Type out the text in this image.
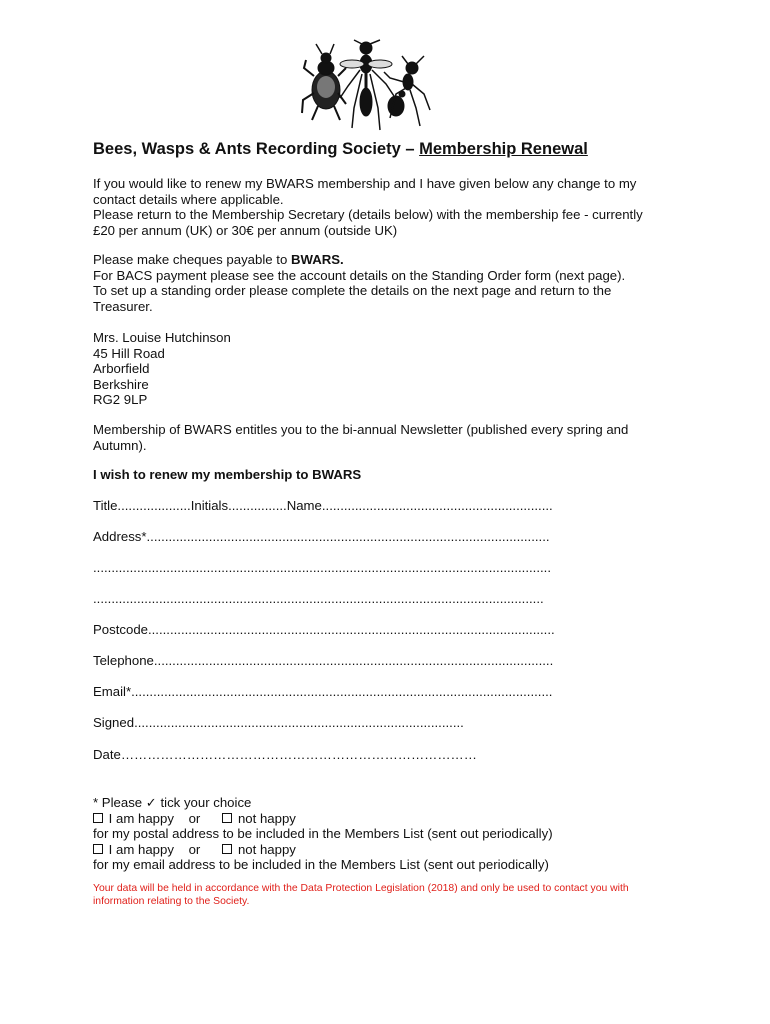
Bees, Wasps & Ants Recording Society – Membership Renewal
If you would like to renew my BWARS membership and I have given below any change to my
contact details where applicable.
Please return to the Membership Secretary (details below) with the membership fee - currently
£20 per annum (UK) or 30€ per annum (outside UK)
Please make cheques payable to BWARS.
For BACS payment please see the account details on the Standing Order form (next page).
To set up a standing order please complete the details on the next page and return to the
Treasurer.
Mrs. Louise Hutchinson
45 Hill Road
Arborfield
Berkshire
RG2 9LP
Membership of BWARS entitles you to the bi-annual Newsletter (published every spring and
Autumn).
I wish to renew my membership to BWARS
Title....................Initials................Name...............................................................
Address*..............................................................................................................
.............................................................................................................................
...........................................................................................................................
Postcode...............................................................................................................
Telephone.............................................................................................................
Email*...................................................................................................................
Signed..........................................................................................
Date………………………………………………………………………
* Please ✓ tick your choice
I am happy or	not happy
for my postal address to be included in the Members List (sent out periodically)
I am happy or	not happy
for my email address to be included in the Members List (sent out periodically)
Your data will be held in accordance with the Data Protection Legislation (2018) and only be used to contact you with
information relating to the Society.
